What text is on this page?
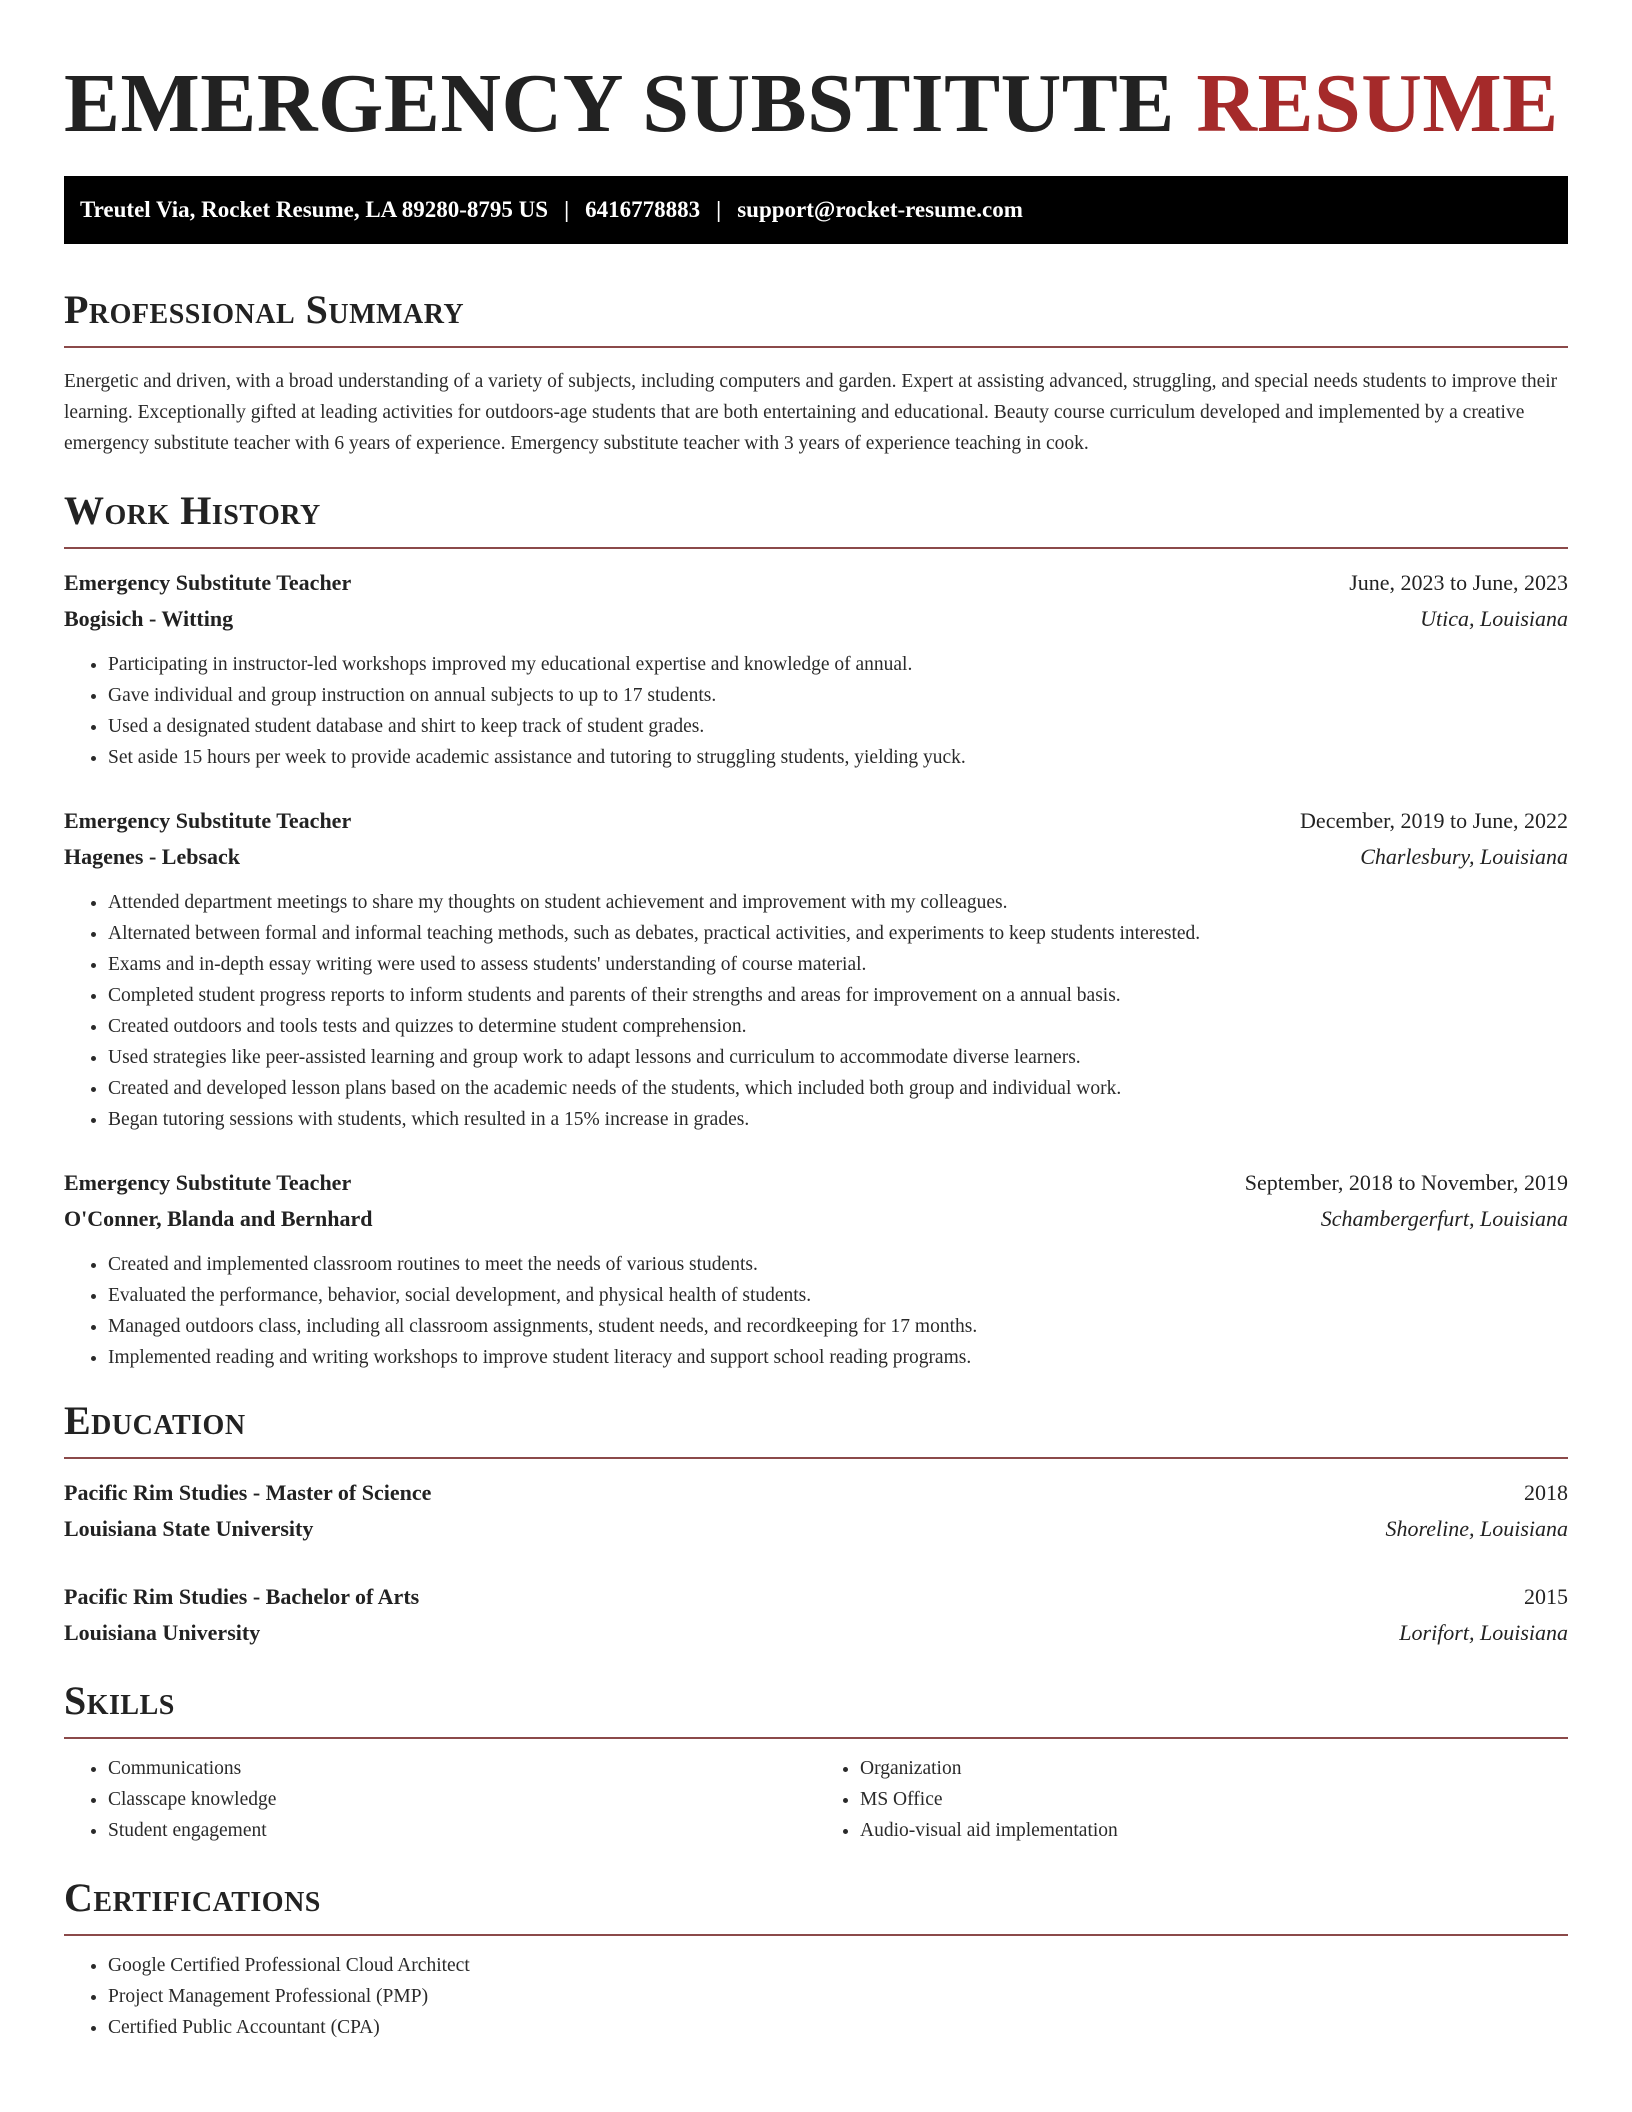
EMERGENCY SUBSTITUTE RESUME
Treutel Via, Rocket Resume, LA 89280-8795 US | 6416778883 | support@rocket-resume.com
Professional Summary

Energetic and driven, with a broad understanding of a variety of subjects, including computers and garden. Expert at assisting advanced, struggling, and special needs students to improve their learning. Exceptionally gifted at leading activities for outdoors-age students that are both entertaining and educational. Beauty course curriculum developed and implemented by a creative emergency substitute teacher with 6 years of experience. Emergency substitute teacher with 3 years of experience teaching in cook.

Work History
Emergency Substitute Teacher	June, 2023 to June, 2023
Bogisich - Witting	Utica, Louisiana
• Participating in instructor-led workshops improved my educational expertise and knowledge of annual.
• Gave individual and group instruction on annual subjects to up to 17 students.
• Used a designated student database and shirt to keep track of student grades.
• Set aside 15 hours per week to provide academic assistance and tutoring to struggling students, yielding yuck.
Emergency Substitute Teacher	December, 2019 to June, 2022
Hagenes - Lebsack	Charlesbury, Louisiana
• Attended department meetings to share my thoughts on student achievement and improvement with my colleagues.
• Alternated between formal and informal teaching methods, such as debates, practical activities, and experiments to keep students interested.
• Exams and in-depth essay writing were used to assess students' understanding of course material.
• Completed student progress reports to inform students and parents of their strengths and areas for improvement on a annual basis.
• Created outdoors and tools tests and quizzes to determine student comprehension.
• Used strategies like peer-assisted learning and group work to adapt lessons and curriculum to accommodate diverse learners.
• Created and developed lesson plans based on the academic needs of the students, which included both group and individual work.
• Began tutoring sessions with students, which resulted in a 15% increase in grades.
Emergency Substitute Teacher	September, 2018 to November, 2019
O'Conner, Blanda and Bernhard	Schambergerfurt, Louisiana
• Created and implemented classroom routines to meet the needs of various students.
• Evaluated the performance, behavior, social development, and physical health of students.
• Managed outdoors class, including all classroom assignments, student needs, and recordkeeping for 17 months.
• Implemented reading and writing workshops to improve student literacy and support school reading programs.
Education
Pacific Rim Studies - Master of Science	2018
Louisiana State University	Shoreline, Louisiana
Pacific Rim Studies - Bachelor of Arts	2015
Louisiana University	Lorifort, Louisiana
Skills
• Communications
• Classcape knowledge
• Student engagement
• Organization
• MS Office
• Audio-visual aid implementation
Certifications
• Google Certified Professional Cloud Architect
• Project Management Professional (PMP)
• Certified Public Accountant (CPA)
